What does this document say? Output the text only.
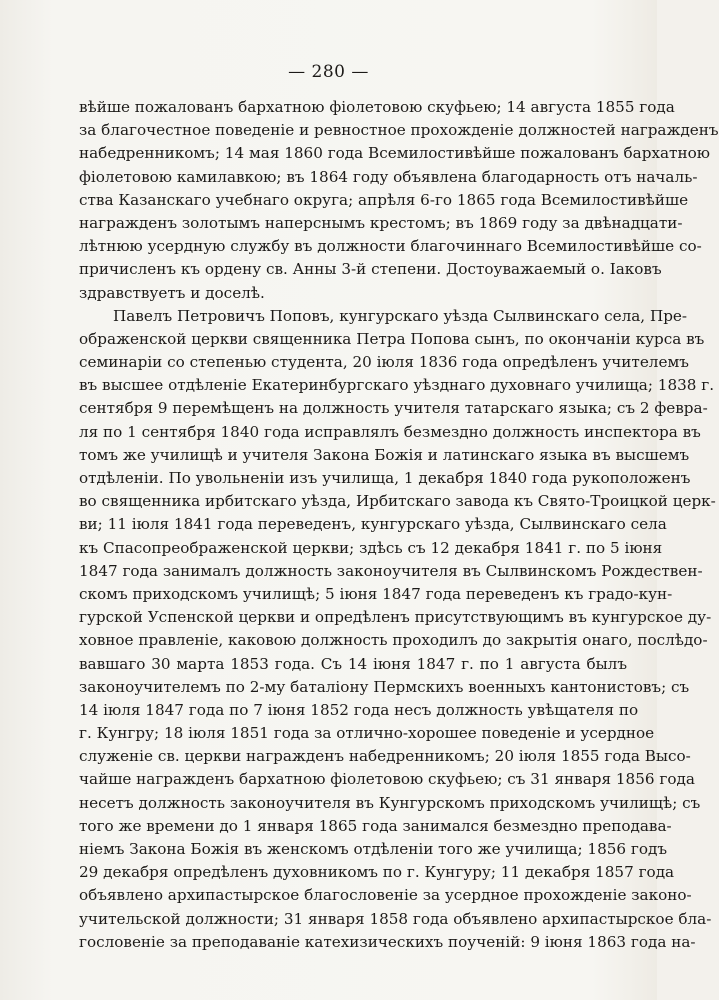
— 280 —
вѣйше пожалованъ бархатною фіолетовою скуфьею; 14 августа 1855 года
за благочестное поведеніе и ревностное прохожденіе должностей награжденъ
набедренникомъ; 14 мая 1860 года Всемилостивѣйше пожалованъ бархатною
фіолетовою камилавкою; въ 1864 году объявлена благодарность отъ началь-
ства Казанскаго учебнаго округа; апрѣля 6-го 1865 года Всемилостивѣйше
награжденъ золотымъ наперснымъ крестомъ; въ 1869 году за двѣнадцати-
лѣтнюю усердную службу въ должности благочиннаго Всемилостивѣйше со-
причисленъ къ ордену св. Анны 3-й степени. Достоуважаемый о. Іаковъ
здравствуетъ и доселѣ.
Павелъ Петровичъ Поповъ, кунгурскаго уѣзда Сылвинскаго села, Пре-
ображенской церкви священника Петра Попова сынъ, по окончаніи курса въ
семинаріи со степенью студента, 20 іюля 1836 года опредѣленъ учителемъ
въ высшее отдѣленіе Екатеринбургскаго уѣзднаго духовнаго училища; 1838 г.
сентября 9 перемѣщенъ на должность учителя татарскаго языка; съ 2 февра-
ля по 1 сентября 1840 года исправлялъ безмездно должность инспектора въ
томъ же училищѣ и учителя Закона Божія и латинскаго языка въ высшемъ
отдѣленіи. По увольненіи изъ училища, 1 декабря 1840 года рукоположенъ
во священника ирбитскаго уѣзда, Ирбитскаго завода къ Свято-Троицкой церк-
ви; 11 іюля 1841 года переведенъ, кунгурскаго уѣзда, Сылвинскаго села
къ Спасопреображенской церкви; здѣсь съ 12 декабря 1841 г. по 5 іюня
1847 года занималъ должность законоучителя въ Сылвинскомъ Рождествен-
скомъ приходскомъ училищѣ; 5 іюня 1847 года переведенъ къ градо-кун-
гурской Успенской церкви и опредѣленъ присутствующимъ въ кунгурское ду-
ховное правленіе, каковою должность проходилъ до закрытія онаго, послѣдо-
вавшаго 30 марта 1853 года. Съ 14 іюня 1847 г. по 1 августа былъ
законоучителемъ по 2-му баталіону Пермскихъ военныхъ кантонистовъ; съ
14 іюля 1847 года по 7 іюня 1852 года несъ должность увѣщателя по
г. Кунгру; 18 іюля 1851 года за отлично-хорошее поведеніе и усердное
служеніе св. церкви награжденъ набедренникомъ; 20 іюля 1855 года Высо-
чайше награжденъ бархатною фіолетовою скуфьею; съ 31 января 1856 года
несетъ должность законоучителя въ Кунгурскомъ приходскомъ училищѣ; съ
того же времени до 1 января 1865 года занимался безмездно преподава-
ніемъ Закона Божія въ женскомъ отдѣленіи того же училища; 1856 годъ
29 декабря опредѣленъ духовникомъ по г. Кунгуру; 11 декабря 1857 года
объявлено архипастырское благословеніе за усердное прохожденіе законо-
учительской должности; 31 января 1858 года объявлено архипастырское бла-
гословеніе за преподаваніе катехизическихъ поученій: 9 іюня 1863 года на-
